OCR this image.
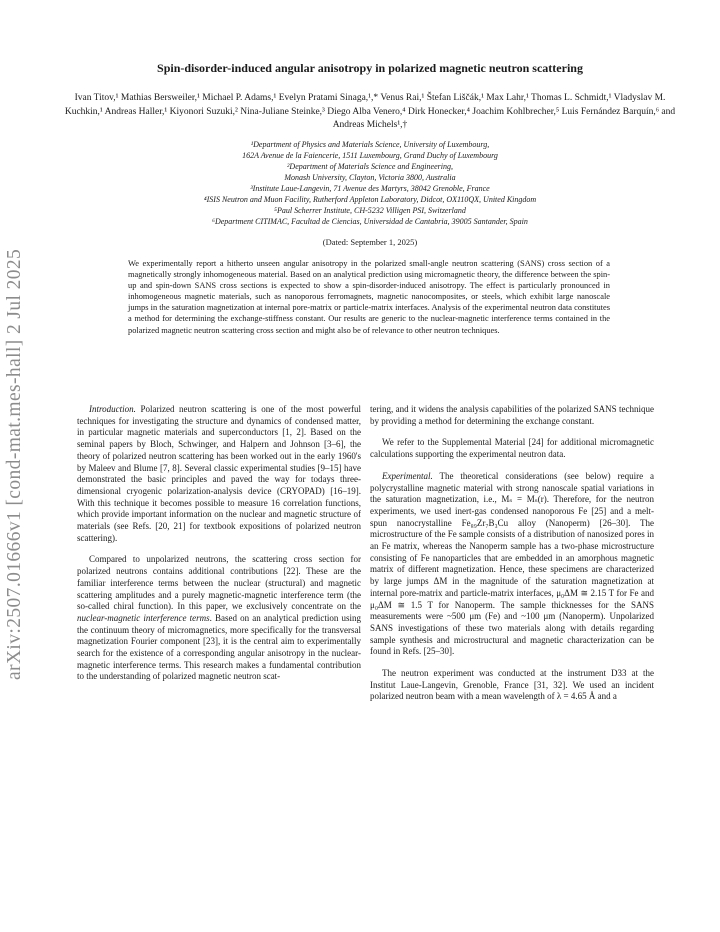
arXiv:2507.01666v1 [cond-mat.mes-hall] 2 Jul 2025
Spin-disorder-induced angular anisotropy in polarized magnetic neutron scattering
Ivan Titov,¹ Mathias Bersweiler,¹ Michael P. Adams,¹ Evelyn Pratami Sinaga,¹,* Venus Rai,¹ Štefan Liščák,¹ Max Lahr,¹ Thomas L. Schmidt,¹ Vladyslav M. Kuchkin,¹ Andreas Haller,¹ Kiyonori Suzuki,² Nina-Juliane Steinke,³ Diego Alba Venero,⁴ Dirk Honecker,⁴ Joachim Kohlbrecher,⁵ Luis Fernández Barquín,⁶ and Andreas Michels¹,†
¹Department of Physics and Materials Science, University of Luxembourg,
162A Avenue de la Faiencerie, 1511 Luxembourg, Grand Duchy of Luxembourg
²Department of Materials Science and Engineering,
Monash University, Clayton, Victoria 3800, Australia
³Institute Laue-Langevin, 71 Avenue des Martyrs, 38042 Grenoble, France
⁴ISIS Neutron and Muon Facility, Rutherford Appleton Laboratory, Didcot, OX110QX, United Kingdom
⁵Paul Scherrer Institute, CH-5232 Villigen PSI, Switzerland
⁶Department CITIMAC, Facultad de Ciencias, Universidad de Cantabria, 39005 Santander, Spain
(Dated: September 1, 2025)
We experimentally report a hitherto unseen angular anisotropy in the polarized small-angle neutron scattering (SANS) cross section of a magnetically strongly inhomogeneous material. Based on an analytical prediction using micromagnetic theory, the difference between the spin-up and spin-down SANS cross sections is expected to show a spin-disorder-induced anisotropy. The effect is particularly pronounced in inhomogeneous magnetic materials, such as nanoporous ferromagnets, magnetic nanocomposites, or steels, which exhibit large nanoscale jumps in the saturation magnetization at internal pore-matrix or particle-matrix interfaces. Analysis of the experimental neutron data constitutes a method for determining the exchange-stiffness constant. Our results are generic to the nuclear-magnetic interference terms contained in the polarized magnetic neutron scattering cross section and might also be of relevance to other neutron techniques.

Introduction. Polarized neutron scattering is one of the most powerful techniques for investigating the structure and dynamics of condensed matter, in particular magnetic materials and superconductors [1, 2]. Based on the seminal papers by Bloch, Schwinger, and Halpern and Johnson [3–6], the theory of polarized neutron scattering has been worked out in the early 1960's by Maleev and Blume [7, 8]. Several classic experimental studies [9–15] have demonstrated the basic principles and paved the way for todays three-dimensional cryogenic polarization-analysis device (CRYOPAD) [16–19]. With this technique it becomes possible to measure 16 correlation functions, which provide important information on the nuclear and magnetic structure of materials (see Refs. [20, 21] for textbook expositions of polarized neutron scattering).

Compared to unpolarized neutrons, the scattering cross section for polarized neutrons contains additional contributions [22]. These are the familiar interference terms between the nuclear (structural) and magnetic scattering amplitudes and a purely magnetic-magnetic interference term (the so-called chiral function). In this paper, we exclusively concentrate on the nuclear-magnetic interference terms. Based on an analytical prediction using the continuum theory of micromagnetics, more specifically for the transversal magnetization Fourier component [23], it is the central aim to experimentally search for the existence of a corresponding angular anisotropy in the nuclear-magnetic interference terms. This research makes a fundamental contribution to the understanding of polarized magnetic neutron scat-

tering, and it widens the analysis capabilities of the polarized SANS technique by providing a method for determining the exchange constant.

We refer to the Supplemental Material [24] for additional micromagnetic calculations supporting the experimental neutron data.

Experimental. The theoretical considerations (see below) require a polycrystalline magnetic material with strong nanoscale spatial variations in the saturation magnetization, i.e., Mₛ = Mₛ(r). Therefore, for the neutron experiments, we used inert-gas condensed nanoporous Fe [25] and a melt-spun nanocrystalline Fe₈₉Zr₇B₃Cu alloy (Nanoperm) [26–30]. The microstructure of the Fe sample consists of a distribution of nanosized pores in an Fe matrix, whereas the Nanoperm sample has a two-phase microstructure consisting of Fe nanoparticles that are embedded in an amorphous magnetic matrix of different magnetization. Hence, these specimens are characterized by large jumps ΔM in the magnitude of the saturation magnetization at internal pore-matrix and particle-matrix interfaces, μ₀ΔM ≅ 2.15 T for Fe and μ₀ΔM ≅ 1.5 T for Nanoperm. The sample thicknesses for the SANS measurements were ~500 μm (Fe) and ~100 μm (Nanoperm). Unpolarized SANS investigations of these two materials along with details regarding sample synthesis and microstructural and magnetic characterization can be found in Refs. [25–30].

The neutron experiment was conducted at the instrument D33 at the Institut Laue-Langevin, Grenoble, France [31, 32]. We used an incident polarized neutron beam with a mean wavelength of λ = 4.65 Å and a
